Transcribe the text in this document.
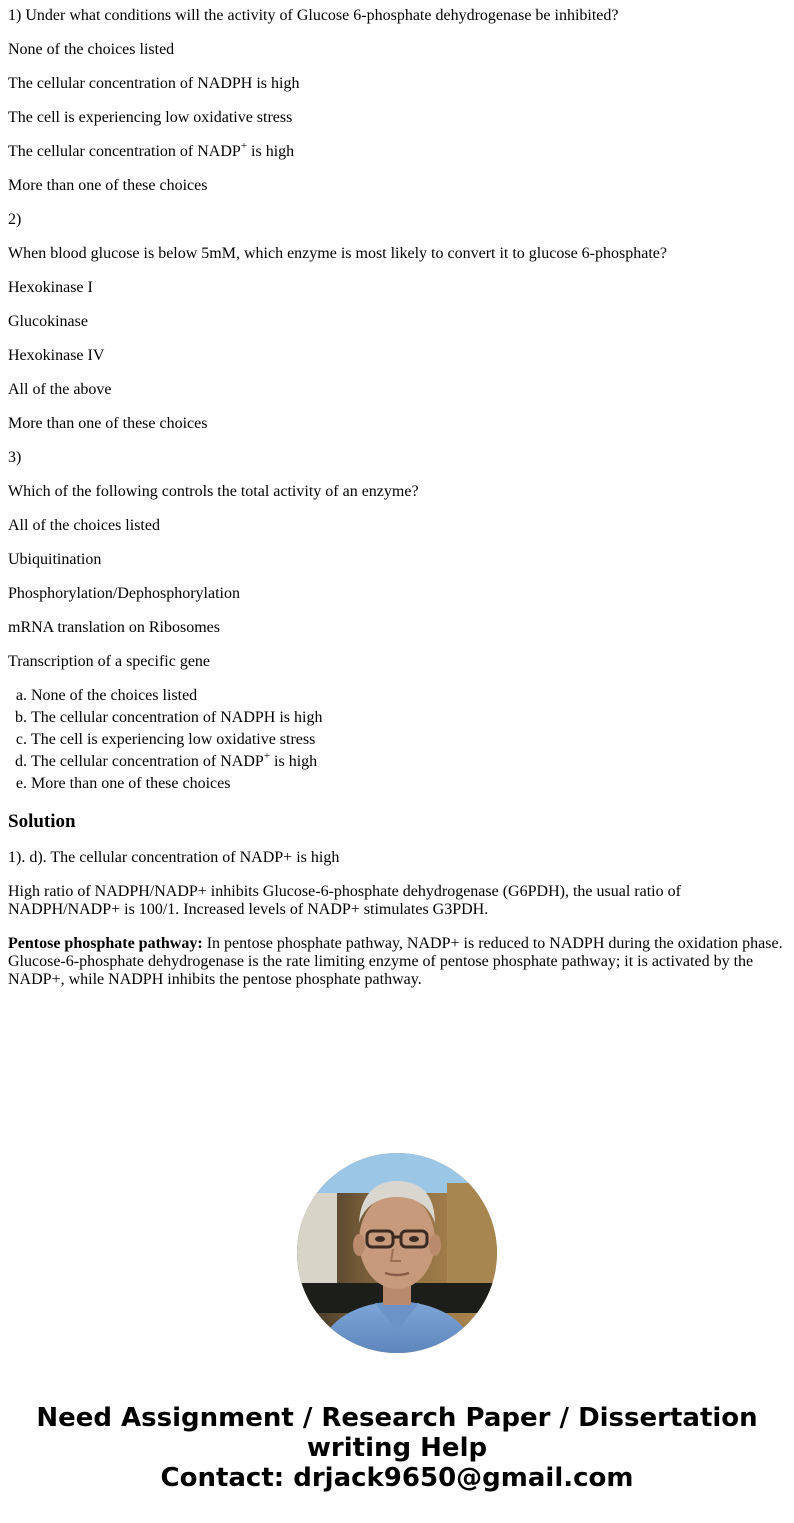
1) Under what conditions will the activity of Glucose 6-phosphate dehydrogenase be inhibited?

None of the choices listed

The cellular concentration of NADPH is high

The cell is experiencing low oxidative stress

The cellular concentration of NADP+ is high

More than one of these choices

2)

When blood glucose is below 5mM, which enzyme is most likely to convert it to glucose 6-phosphate?

Hexokinase I

Glucokinase

Hexokinase IV

All of the above

More than one of these choices

3)

Which of the following controls the total activity of an enzyme?

All of the choices listed

Ubiquitination

Phosphorylation/Dephosphorylation

mRNA translation on Ribosomes

Transcription of a specific gene

a. None of the choices listed
b. The cellular concentration of NADPH is high
c. The cell is experiencing low oxidative stress
d. The cellular concentration of NADP+ is high
e. More than one of these choices
Solution

1). d). The cellular concentration of NADP+ is high

High ratio of NADPH/NADP+ inhibits Glucose-6-phosphate dehydrogenase (G6PDH), the usual ratio of NADPH/NADP+ is 100/1. Increased levels of NADP+ stimulates G3PDH.

Pentose phosphate pathway: In pentose phosphate pathway, NADP+ is reduced to NADPH during the oxidation phase. Glucose-6-phosphate dehydrogenase is the rate limiting enzyme of pentose phosphate pathway; it is activated by the NADP+, while NADPH inhibits the pentose phosphate pathway.

Need Assignment / Research Paper / Dissertation
writing Help
Contact: drjack9650@gmail.com
